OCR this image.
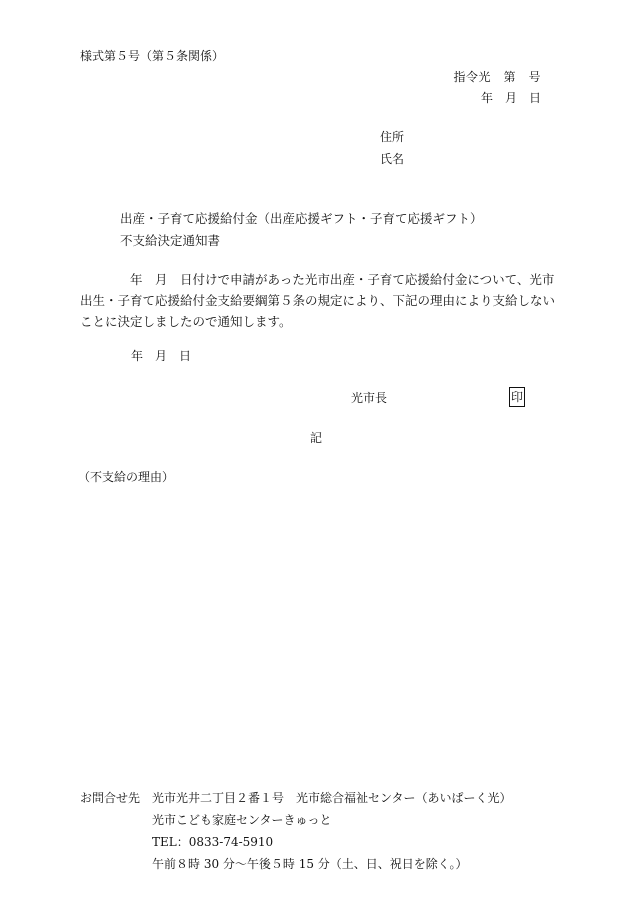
様式第５号（第５条関係）
指令光　第　号
年　月　日
住所
氏名
出産・子育て応援給付金（出産応援ギフト・子育て応援ギフト）
不支給決定通知書
年　月　日付けで申請があった光市出産・子育て応援給付金について、光市出生・子育て応援給付金支給要綱第５条の規定により、下記の理由により支給しないことに決定しましたので通知します。
年　月　日
光市長	印
記
（不支給の理由）
お問合せ先 光市光井二丁目２番１号　光市総合福祉センター（あいぱーく光）
光市こども家庭センターきゅっと
TEL：0833-74-5910
午前８時 30 分～午後５時 15 分（土、日、祝日を除く。）
